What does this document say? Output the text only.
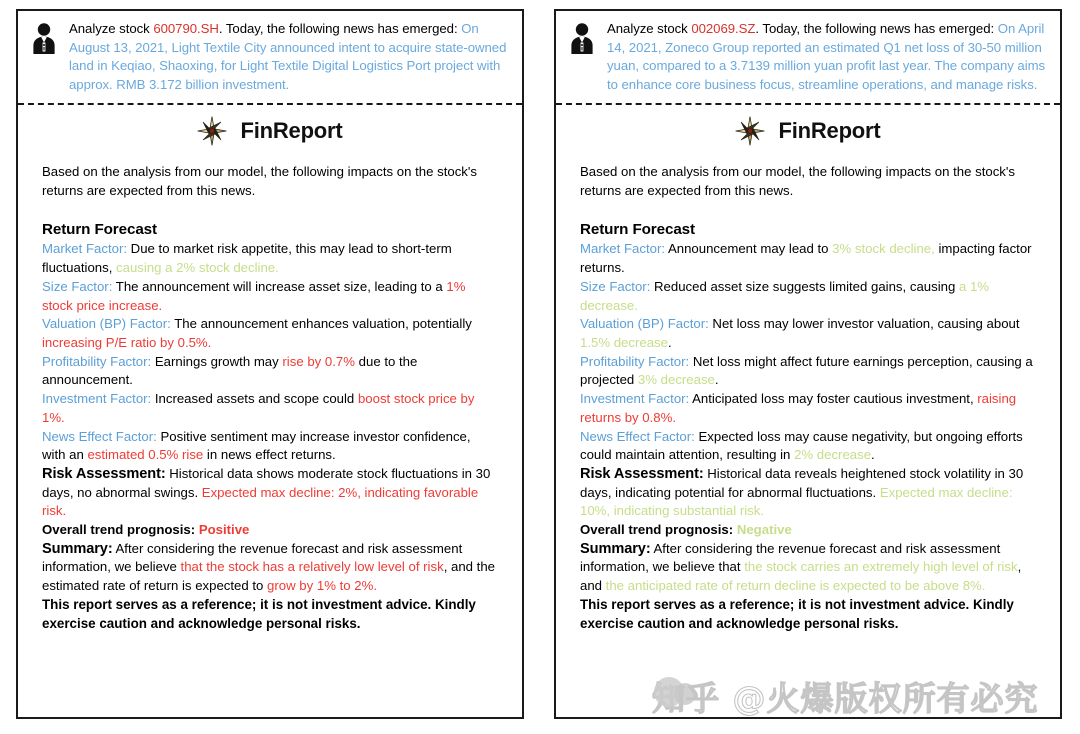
Analyze stock 600790.SH. Today, the following news has emerged: On August 13, 2021, Light Textile City announced intent to acquire state-owned land in Keqiao, Shaoxing, for Light Textile Digital Logistics Port project with approx. RMB 3.172 billion investment.
FinReport

Based on the analysis from our model, the following impacts on the stock's returns are expected from this news.

Return Forecast

Market Factor: Due to market risk appetite, this may lead to short-term fluctuations, causing a 2% stock decline.
Size Factor: The announcement will increase asset size, leading to a 1% stock price increase.
Valuation (BP) Factor: The announcement enhances valuation, potentially increasing P/E ratio by 0.5%.
Profitability Factor: Earnings growth may rise by 0.7% due to the announcement.
Investment Factor: Increased assets and scope could boost stock price by 1%.
News Effect Factor: Positive sentiment may increase investor confidence, with an estimated 0.5% rise in news effect returns.

Risk Assessment: Historical data shows moderate stock fluctuations in 30 days, no abnormal swings. Expected max decline: 2%, indicating favorable risk.

Overall trend prognosis: Positive

Summary: After considering the revenue forecast and risk assessment information, we believe that the stock has a relatively low level of risk, and the estimated rate of return is expected to grow by 1% to 2%.

This report serves as a reference; it is not investment advice. Kindly exercise caution and acknowledge personal risks.

Analyze stock 002069.SZ. Today, the following news has emerged: On April 14, 2021, Zoneco Group reported an estimated Q1 net loss of 30-50 million yuan, compared to a 3.7139 million yuan profit last year. The company aims to enhance core business focus, streamline operations, and manage risks.
FinReport

Based on the analysis from our model, the following impacts on the stock's returns are expected from this news.

Return Forecast

Market Factor: Announcement may lead to 3% stock decline, impacting factor returns.
Size Factor: Reduced asset size suggests limited gains, causing a 1% decrease.
Valuation (BP) Factor: Net loss may lower investor valuation, causing about 1.5% decrease.
Profitability Factor: Net loss might affect future earnings perception, causing a projected 3% decrease.
Investment Factor: Anticipated loss may foster cautious investment, raising returns by 0.8%.
News Effect Factor: Expected loss may cause negativity, but ongoing efforts could maintain attention, resulting in 2% decrease.

Risk Assessment: Historical data reveals heightened stock volatility in 30 days, indicating potential for abnormal fluctuations. Expected max decline: 10%, indicating substantial risk.

Overall trend prognosis: Negative

Summary: After considering the revenue forecast and risk assessment information, we believe that the stock carries an extremely high level of risk, and the anticipated rate of return decline is expected to be above 8%.

This report serves as a reference; it is not investment advice. Kindly exercise caution and acknowledge personal risks.

知乎 @火爆版权所有必究
